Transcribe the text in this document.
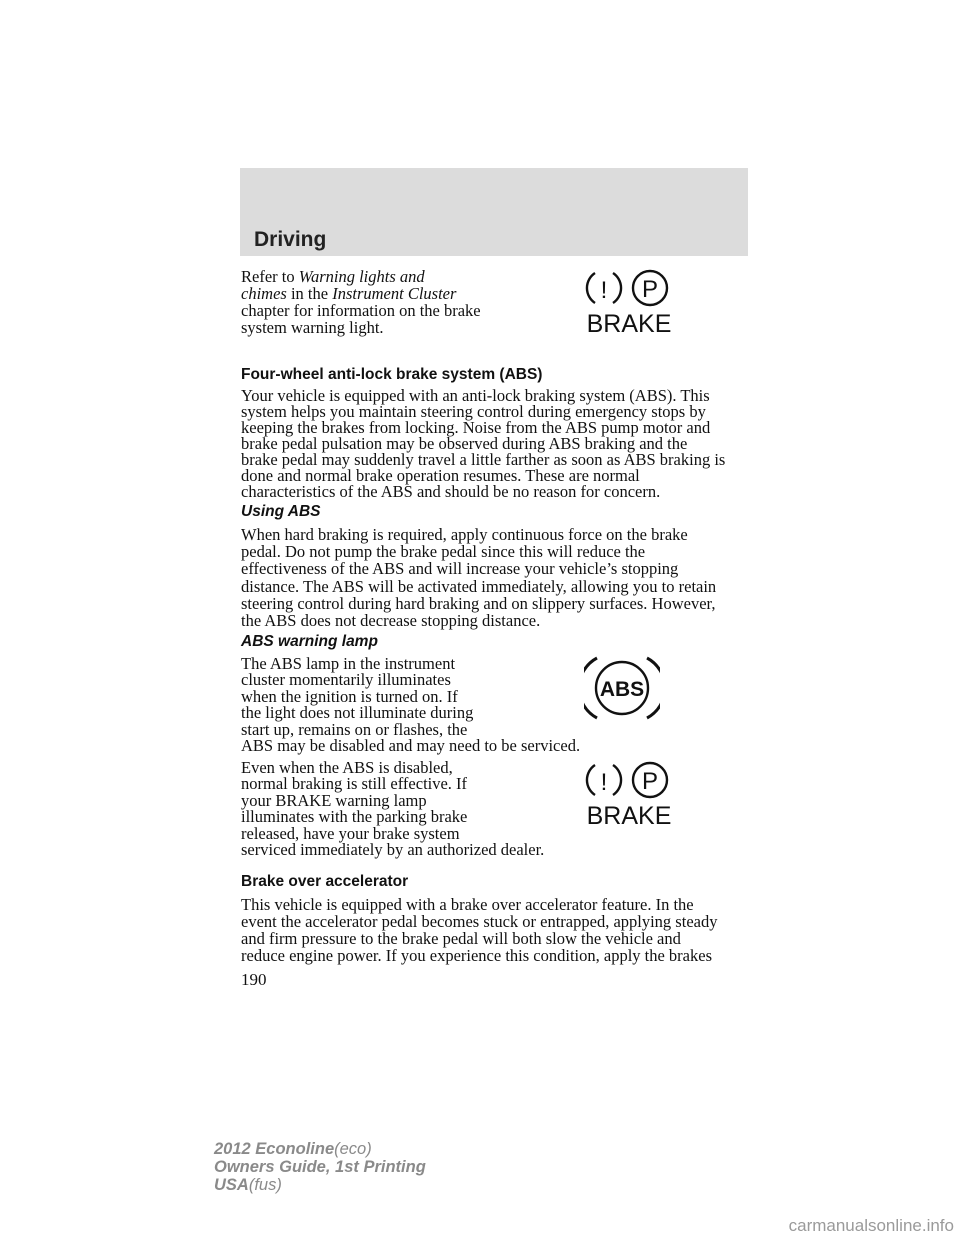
Driving
Refer to Warning lights and
chimes in the Instrument Cluster
chapter for information on the brake
system warning light.
! P
BRAKE
Four-wheel anti-lock brake system (ABS)
Your vehicle is equipped with an anti-lock braking system (ABS). This
system helps you maintain steering control during emergency stops by
keeping the brakes from locking. Noise from the ABS pump motor and
brake pedal pulsation may be observed during ABS braking and the
brake pedal may suddenly travel a little farther as soon as ABS braking is
done and normal brake operation resumes. These are normal
characteristics of the ABS and should be no reason for concern.
Using ABS
When hard braking is required, apply continuous force on the brake
pedal. Do not pump the brake pedal since this will reduce the
effectiveness of the ABS and will increase your vehicle’s stopping
distance. The ABS will be activated immediately, allowing you to retain
steering control during hard braking and on slippery surfaces. However,
the ABS does not decrease stopping distance.
ABS warning lamp
The ABS lamp in the instrument
cluster momentarily illuminates
when the ignition is turned on. If
the light does not illuminate during
start up, remains on or flashes, the
ABS may be disabled and may need to be serviced.
ABS
Even when the ABS is disabled,
normal braking is still effective. If
your BRAKE warning lamp
illuminates with the parking brake
released, have your brake system
serviced immediately by an authorized dealer.
! P
BRAKE
Brake over accelerator
This vehicle is equipped with a brake over accelerator feature. In the
event the accelerator pedal becomes stuck or entrapped, applying steady
and firm pressure to the brake pedal will both slow the vehicle and
reduce engine power. If you experience this condition, apply the brakes
190
2012 Econoline(eco)
Owners Guide, 1st Printing
USA(fus)
carmanualsonline.info
